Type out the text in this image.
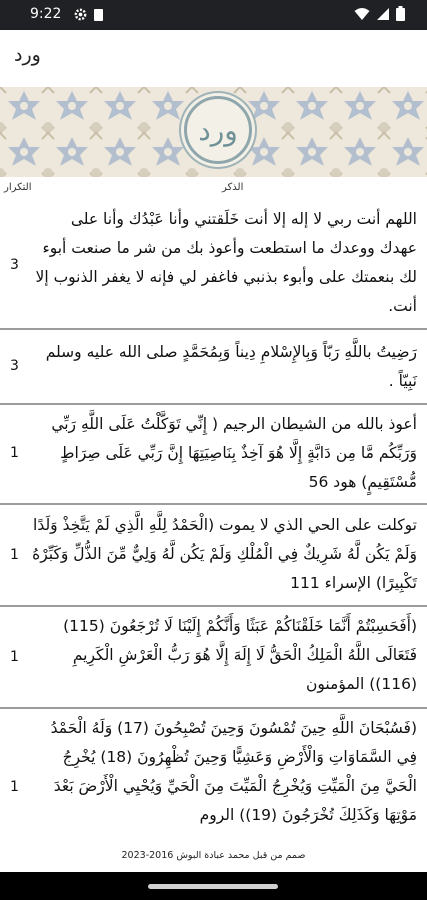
9:22
ورد
ورد
الذكر
التكرار
3
اللهم أنت ربي لا إله إلا أنت خَلَقتني وأنا عَبْدُك وأنا على عهدك ووعدك ما استطعت وأعوذ بك من شر ما صنعت أبوء لك بنعمتك على وأبوء بذنبي فاغفر لي فإنه لا يغفر الذنوب إلا أنت.
3
رَضِيتُ باللَّهِ رَبّاً وَبِالإِسْلامِ دِيناً وَبِمُحَمَّدٍ صلى الله عليه وسلم نَبِيّاً .
1
أعوذ بالله من الشيطان الرجيم ( إِنِّي تَوَكَّلْتُ عَلَى اللَّهِ رَبِّي وَرَبِّكُم مَّا مِن دَابَّةٍ إِلَّا هُوَ آخِذٌ بِنَاصِيَتِهَا إِنَّ رَبِّي عَلَى صِرَاطٍ مُّسْتَقِيمٍ) هود 56
1
توكلت على الحي الذي لا يموت (الْحَمْدُ لِلَّهِ الَّذِي لَمْ يَتَّخِذْ وَلَدًا وَلَمْ يَكُن لَّهُ شَرِيكٌ فِي الْمُلْكِ وَلَمْ يَكُن لَّهُ وَلِيٌّ مِّنَ الذُّلِّ وَكَبِّرْهُ تَكْبِيرًا) الإسراء 111
1
(أَفَحَسِبْتُمْ أَنَّمَا خَلَقْنَاكُمْ عَبَثًا وَأَنَّكُمْ إِلَيْنَا لَا تُرْجَعُونَ (115) فَتَعَالَى اللَّهُ الْمَلِكُ الْحَقُّ لَا إِلَهَ إِلَّا هُوَ رَبُّ الْعَرْشِ الْكَرِيمِ (116)) المؤمنون
1
(فَسُبْحَانَ اللَّهِ حِينَ تُمْسُونَ وَحِينَ تُصْبِحُونَ (17) وَلَهُ الْحَمْدُ فِي السَّمَاوَاتِ وَالْأَرْضِ وَعَشِيًّا وَحِينَ تُظْهِرُونَ (18) يُخْرِجُ الْحَيَّ مِنَ الْمَيِّتِ وَيُخْرِجُ الْمَيِّتَ مِنَ الْحَيِّ وَيُحْيِي الْأَرْضَ بَعْدَ مَوْتِهَا وَكَذَلِكَ تُخْرَجُونَ (19)) الروم
صمم من قبل محمد عبادة البوش 2016-2023
